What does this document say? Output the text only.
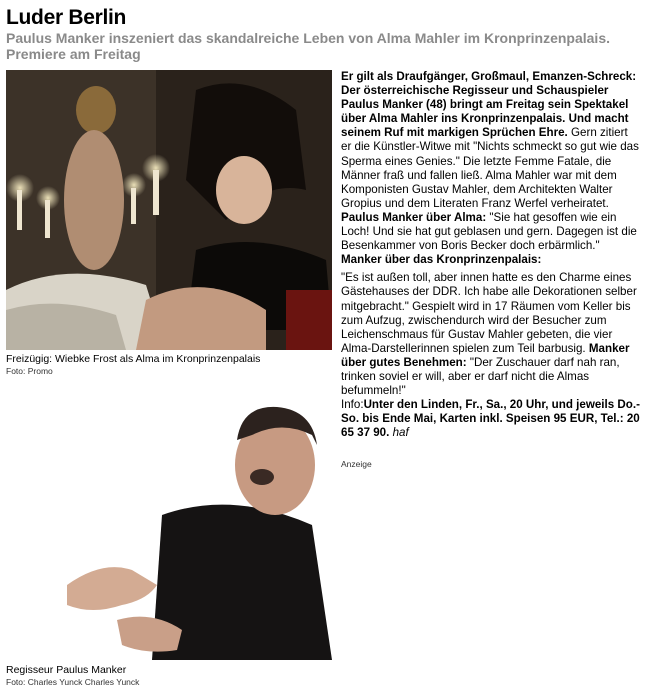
Luder Berlin
Paulus Manker inszeniert das skandalreiche Leben von Alma Mahler im Kronprinzenpalais. Premiere am Freitag
Freizügig: Wiebke Frost als Alma im Kronprinzenpalais
Foto: Promo

Er gilt als Draufgänger, Großmaul, Emanzen-Schreck: Der österreichische Regisseur und Schauspieler Paulus Manker (48) bringt am Freitag sein Spektakel über Alma Mahler ins Kronprinzenpalais. Und macht seinem Ruf mit markigen Sprüchen Ehre. Gern zitiert er die Künstler-Witwe mit "Nichts schmeckt so gut wie das Sperma eines Genies." Die letzte Femme Fatale, die Männer fraß und fallen ließ. Alma Mahler war mit dem Komponisten Gustav Mahler, dem Architekten Walter Gropius und dem Literaten Franz Werfel verheiratet. Paulus Manker über Alma: "Sie hat gesoffen wie ein Loch! Und sie hat gut geblasen und gern. Dagegen ist die Besenkammer von Boris Becker doch erbärmlich." Manker über das Kronprinzenpalais:

"Es ist außen toll, aber innen hatte es den Charme eines Gästehauses der DDR. Ich habe alle Dekorationen selber mitgebracht." Gespielt wird in 17 Räumen vom Keller bis zum Aufzug, zwischendurch wird der Besucher zum Leichenschmaus für Gustav Mahler gebeten, die vier Alma-Darstellerinnen spielen zum Teil barbusig. Manker über gutes Benehmen: "Der Zuschauer darf nah ran, trinken soviel er will, aber er darf nicht die Almas befummeln!"
Info:Unter den Linden, Fr., Sa., 20 Uhr, und jeweils Do.-So. bis Ende Mai, Karten inkl. Speisen 95 EUR, Tel.: 20 65 37 90. haf

Anzeige
Regisseur Paulus Manker
Foto: Charles Yunck Charles Yunck
